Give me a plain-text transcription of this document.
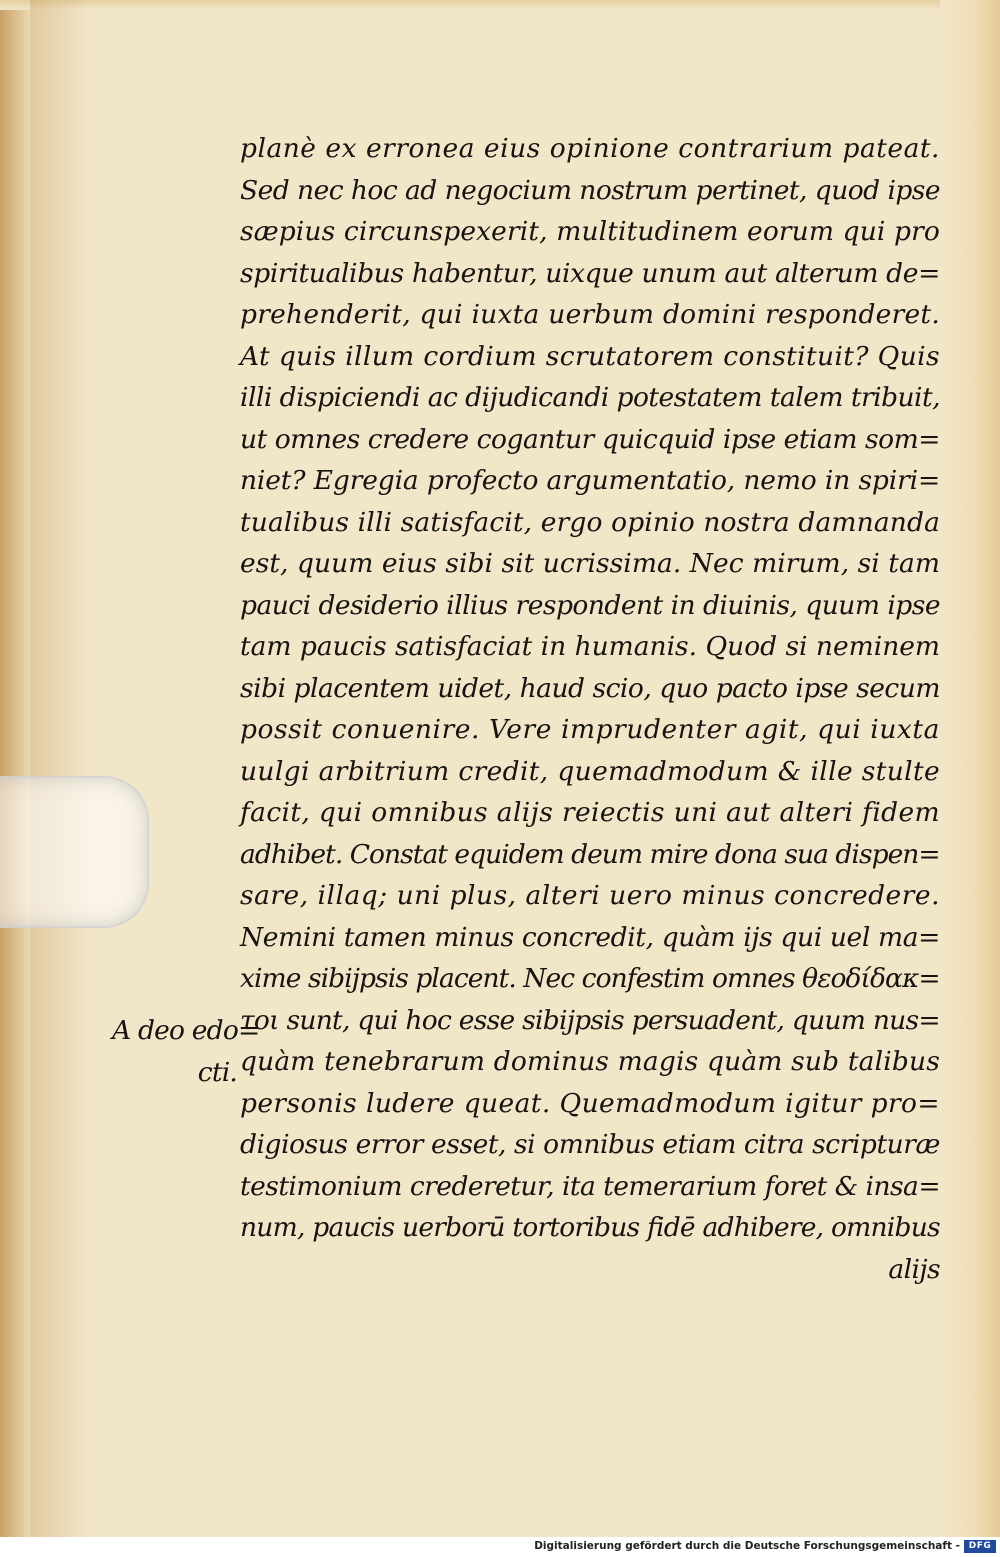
A deo edo=
cti.
planè ex erronea eius opinione contrarium pateat.
Sed nec hoc ad negocium nostrum pertinet, quod ipse
sæpius circunspexerit, multitudinem eorum qui pro
spiritualibus habentur, uixque unum aut alterum de=
prehenderit, qui iuxta uerbum domini responderet.
At quis illum cordium scrutatorem constituit? Quis
illi dispiciendi ac dijudicandi potestatem talem tribuit,
ut omnes credere cogantur quicquid ipse etiam som=
niet? Egregia profecto argumentatio, nemo in spiri=
tualibus illi satisfacit, ergo opinio nostra damnanda
est, quum eius sibi sit ucrissima. Nec mirum, si tam
pauci desiderio illius respondent in diuinis, quum ipse
tam paucis satisfaciat in humanis. Quod si neminem
sibi placentem uidet, haud scio, quo pacto ipse secum
possit conuenire. Vere imprudenter agit, qui iuxta
uulgi arbitrium credit, quemadmodum & ille stulte
facit, qui omnibus alijs reiectis uni aut alteri fidem
adhibet. Constat equidem deum mire dona sua dispen=
sare, illaq; uni plus, alteri uero minus concredere.
Nemini tamen minus concredit, quàm ijs qui uel ma=
xime sibijpsis placent. Nec confestim omnes θεοδίδακ=
τοι sunt, qui hoc esse sibijpsis persuadent, quum nus=
quàm tenebrarum dominus magis quàm sub talibus
personis ludere queat. Quemadmodum igitur pro=
digiosus error esset, si omnibus etiam citra scripturæ
testimonium crederetur, ita temerarium foret & insa=
num, paucis uerborū tortoribus fidē adhibere, omnibus
alijs
Digitalisierung gefördert durch die Deutsche Forschungsgemeinschaft - DFG
